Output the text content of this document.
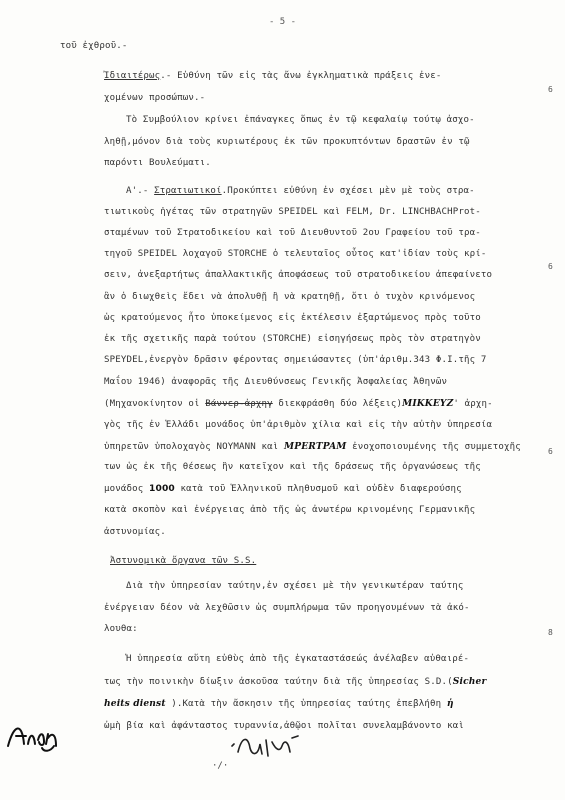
- 5 -
τοῦ ἐχθροῦ.-
Ἰδιαιτέρως.- Εὐθύνη τῶν εἰς τὰς ἄνω ἐγκληματικὰ πράξεις ἐνε-
χομένων προσώπων.-
Τὸ Συμβούλιον κρίνει ἐπάναγκες ὅπως ἐν τῷ κεφαλαίῳ τούτῳ ἀσχο-
ληθῇ,μόνον διὰ τοὺς κυριωτέρους ἐκ τῶν προκυπτόντων δραστῶν ἐν τῷ
παρόντι Βουλεύματι.
Α'.- Στρατιωτικοί.Προκύπτει εὐθύνη ἐν σχέσει μὲν μὲ τοὺς στρα-
τιωτικοὺς ἡγέτας τῶν στρατηγῶν SPEIDEL καὶ FELM, Dr. LINCHBACHProt-
σταμένων τοῦ Στρατοδικείου καὶ τοῦ Διευθυντοῦ 2ου Γραφείου τοῦ τρα-
τηγοῦ SPEIDEL λοχαγοῦ STORCHE ὁ τελευταῖος οὗτος κατ'ἰδίαν τοὺς κρί-
σειν, ἀνεξαρτήτως ἀπαλλακτικῆς ἀποφάσεως τοῦ στρατοδικείου ἀπεφαίνετο
ἂν ὁ διωχθεὶς ἔδει νὰ ἀπολυθῇ ἢ νὰ κρατηθῇ, ὅτι ὁ τυχὸν κρινόμενος
ὡς κρατούμενος ἦτο ὑποκείμενος εἰς ἐκτέλεσιν ἐξαρτώμενος πρὸς τοῦτο
ἐκ τῆς σχετικῆς παρὰ τούτου (STORCHE) εἰσηγήσεως πρὸς τὸν στρατηγὸν
SPEYDEL,ἐνεργὸν δρᾶσιν φέροντας σημειώσαντες (ὑπ'ἀριθμ.343 Φ.Ι.τῆς 7
Μαΐου 1946) ἀναφορᾶς τῆς Διευθύνσεως Γενικῆς Ἀσφαλείας Ἀθηνῶν
(Μηχανοκίνητον οἱ Βάννερ-ἀρχηγ διεκφράσθη δύο λέξεις)MIKKEYZ' ἀρχη-
γὸς τῆς ἐν Ἑλλάδι μονάδος ὑπ'ἀριθμὸν χίλια καὶ εἰς τὴν αὐτὴν ὑπηρεσία
ὑπηρετῶν ὑπολοχαγὸς NOYMANN καὶ MPERTPAM ἐνοχοποιουμένης τῆς συμμετοχῆς
των ὡς ἐκ τῆς θέσεως ἣν κατεῖχον καὶ τῆς δράσεως τῆς ὀργανώσεως τῆς
μονάδος 1000 κατὰ τοῦ Ἑλληνικοῦ πληθυσμοῦ καὶ οὐδὲν διαφερούσης
κατὰ σκοπὸν καὶ ἐνέργειας ἀπὸ τῆς ὡς ἀνωτέρω κρινομένης Γερμανικῆς
ἀστυνομίας.
Ἀστυνομικὰ ὄργανα τῶν S.S.
Διὰ τὴν ὑπηρεσίαν ταύτην,ἐν σχέσει μὲ τὴν γενικωτέραν ταύτης
ἐνέργειαν δέον νὰ λεχθῶσιν ὡς συμπλήρωμα τῶν προηγουμένων τὰ ἀκό-
λουθα:
Ἡ ὑπηρεσία αὕτη εὐθὺς ἀπὸ τῆς ἐγκαταστάσεώς ἀνέλαβεν αὐθαιρέ-
τως τὴν ποινικὴν δίωξιν ἀσκοῦσα ταύτην διὰ τῆς ὑπηρεσίας S.D.(Sicher
heits dienst ).Κατὰ τὴν ἄσκησιν τῆς ὑπηρεσίας ταύτης ἐπεβλήθη ἡ
ὠμὴ βία καὶ ἀφάνταστος τυραννία,ἀθῷοι πολῖται συνελαμβάνοντο καὶ
·/·
6
6
6
8
